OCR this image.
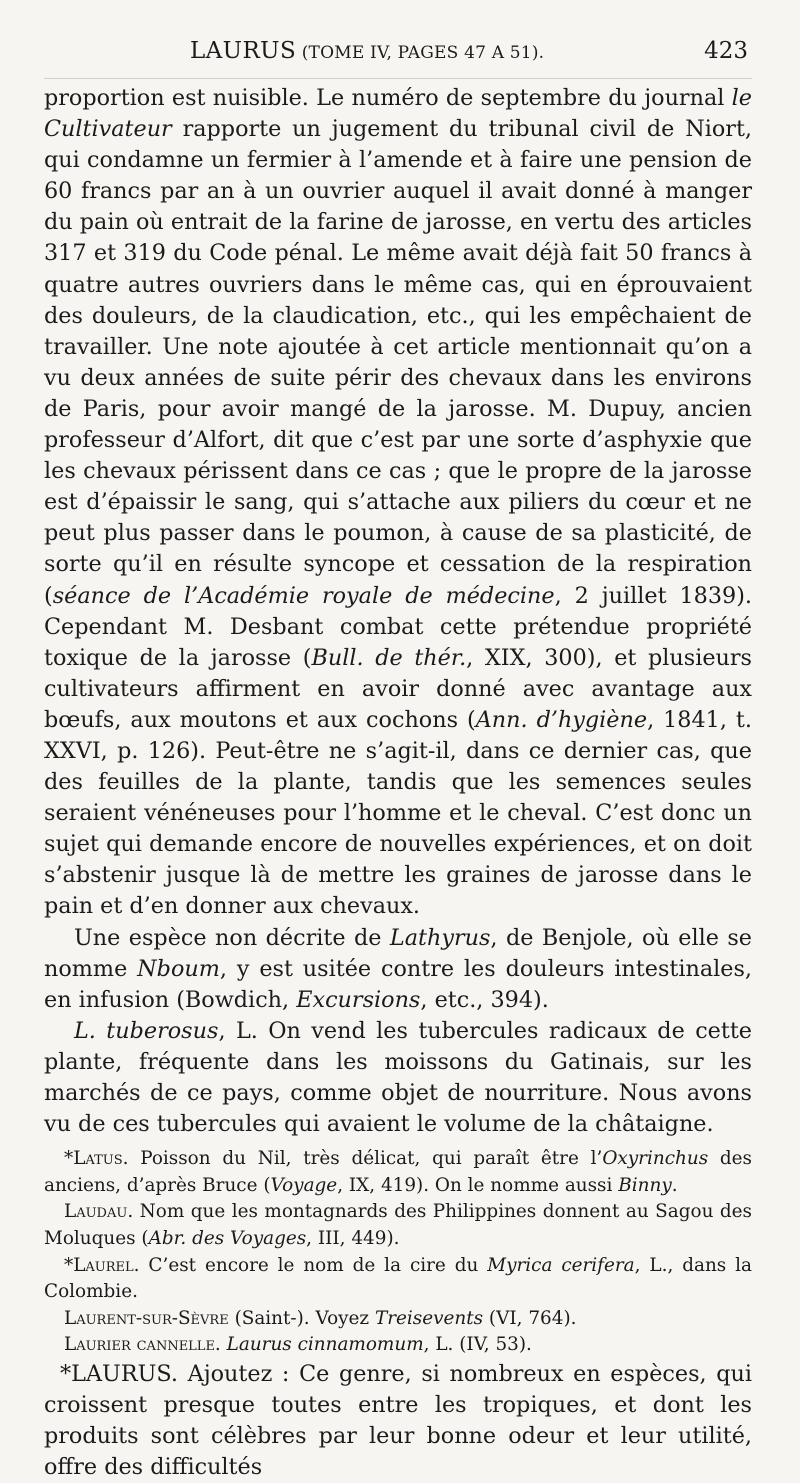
LAURUS (TOME IV, PAGES 47 A 51).	423

proportion est nuisible. Le numéro de septembre du journal le Cultivateur rapporte un jugement du tribunal civil de Niort, qui condamne un fermier à l’amende et à faire une pension de 60 francs par an à un ouvrier auquel il avait donné à manger du pain où entrait de la farine de jarosse, en vertu des articles 317 et 319 du Code pénal. Le même avait déjà fait 50 francs à quatre autres ouvriers dans le même cas, qui en éprouvaient des douleurs, de la claudication, etc., qui les empêchaient de travailler. Une note ajoutée à cet article mentionnait qu’on a vu deux années de suite périr des chevaux dans les environs de Paris, pour avoir mangé de la jarosse. M. Dupuy, ancien professeur d’Alfort, dit que c’est par une sorte d’asphyxie que les chevaux périssent dans ce cas ; que le propre de la jarosse est d’épaissir le sang, qui s’attache aux piliers du cœur et ne peut plus passer dans le poumon, à cause de sa plasticité, de sorte qu’il en résulte syncope et cessation de la respiration (séance de l’Académie royale de médecine, 2 juillet 1839). Cependant M. Desbant combat cette prétendue propriété toxique de la jarosse (Bull. de thér., XIX, 300), et plusieurs cultivateurs affirment en avoir donné avec avantage aux bœufs, aux moutons et aux cochons (Ann. d’hygiène, 1841, t. XXVI, p. 126). Peut-être ne s’agit-il, dans ce dernier cas, que des feuilles de la plante, tandis que les semences seules seraient vénéneuses pour l’homme et le cheval. C’est donc un sujet qui demande encore de nouvelles expériences, et on doit s’abstenir jusque là de mettre les graines de jarosse dans le pain et d’en donner aux chevaux.

Une espèce non décrite de Lathyrus, de Benjole, où elle se nomme Nboum, y est usitée contre les douleurs intestinales, en infusion (Bowdich, Excursions, etc., 394).

L. tuberosus, L. On vend les tubercules radicaux de cette plante, fréquente dans les moissons du Gatinais, sur les marchés de ce pays, comme objet de nourriture. Nous avons vu de ces tubercules qui avaient le volume de la châtaigne.

*Latus. Poisson du Nil, très délicat, qui paraît être l’Oxyrinchus des anciens, d’après Bruce (Voyage, IX, 419). On le nomme aussi Binny.

Laudau. Nom que les montagnards des Philippines donnent au Sagou des Moluques (Abr. des Voyages, III, 449).

*Laurel. C’est encore le nom de la cire du Myrica cerifera, L., dans la Colombie.

Laurent-sur-Sèvre (Saint-). Voyez Treisevents (VI, 764).

Laurier cannelle. Laurus cinnamomum, L. (IV, 53).

*LAURUS. Ajoutez : Ce genre, si nombreux en espèces, qui croissent presque toutes entre les tropiques, et dont les produits sont célèbres par leur bonne odeur et leur utilité, offre des difficultés
